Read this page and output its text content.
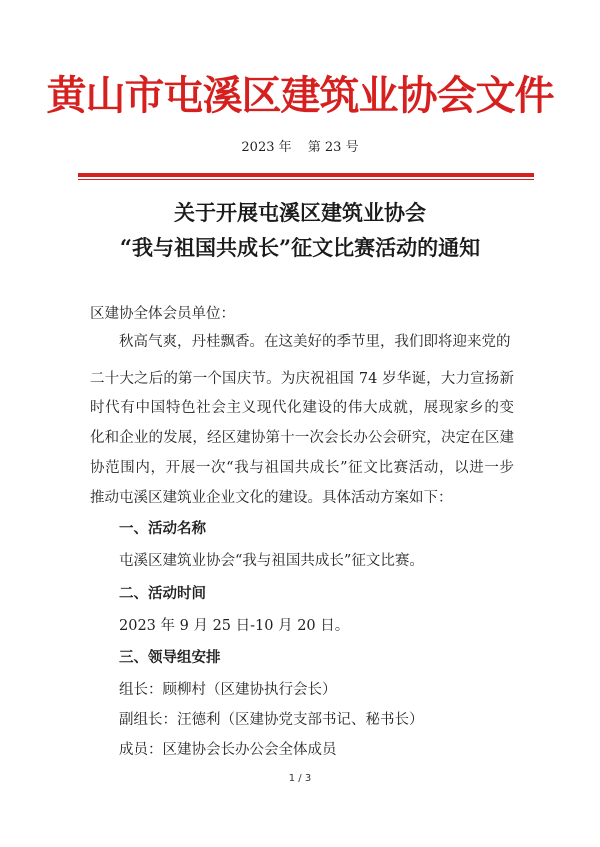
黄山市屯溪区建筑业协会文件
2023 年 第 23 号
关于开展屯溪区建筑业协会
“我与祖国共成长”征文比赛活动的通知
区建协全体会员单位：
秋高气爽，丹桂飘香。在这美好的季节里，我们即将迎来党的
二十大之后的第一个国庆节。为庆祝祖国 74 岁华诞，大力宣扬新
时代有中国特色社会主义现代化建设的伟大成就，展现家乡的变
化和企业的发展，经区建协第十一次会长办公会研究，决定在区建
协范围内，开展一次“我与祖国共成长”征文比赛活动，以进一步
推动屯溪区建筑业企业文化的建设。具体活动方案如下：
一、活动名称
屯溪区建筑业协会“我与祖国共成长”征文比赛。
二、活动时间
2023 年 9 月 25 日-10 月 20 日。
三、领导组安排
组长：顾柳村（区建协执行会长）
副组长：汪德利（区建协党支部书记、秘书长）
成员：区建协会长办公会全体成员
1 / 3
